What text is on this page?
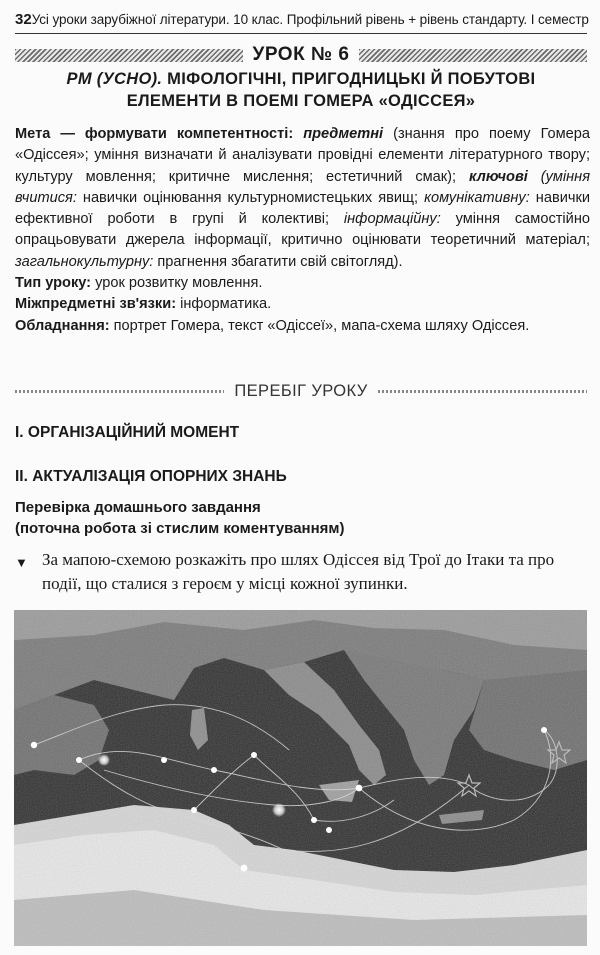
32 Усі уроки зарубіжної літератури. 10 клас. Профільний рівень + рівень стандарту. І семестр
УРОК № 6
РМ (УСНО). МІФОЛОГІЧНІ, ПРИГОДНИЦЬКІ Й ПОБУТОВІ
ЕЛЕМЕНТИ В ПОЕМІ ГОМЕРА «ОДІССЕЯ»

Мета — формувати компетентності: предметні (знання про поему Гомера «Одіссея»; уміння визначати й аналізувати провідні елементи літературного твору; культуру мовлення; критичне мислення; естетичний смак); ключові (уміння вчитися: навички оцінювання культурномистецьких явищ; комунікативну: навички ефективної роботи в групі й колективі; інформаційну: уміння самостійно опрацьовувати джерела інформації, критично оцінювати теоретичний матеріал; загальнокультурну: прагнення збагатити свій світогляд).

Тип уроку: урок розвитку мовлення.

Міжпредметні зв'язки: інформатика.

Обладнання: портрет Гомера, текст «Одіссеї», мапа-схема шляху Одіссея.

ПЕРЕБІГ УРОКУ
I. ОРГАНІЗАЦІЙНИЙ МОМЕНТ
II. АКТУАЛІЗАЦІЯ ОПОРНИХ ЗНАНЬ
Перевірка домашнього завдання
(поточна робота зі стислим коментуванням)
▼ За мапою-схемою розкажіть про шлях Одіссея від Трої до Ітаки та про події, що сталися з героєм у місці кожної зупинки.
